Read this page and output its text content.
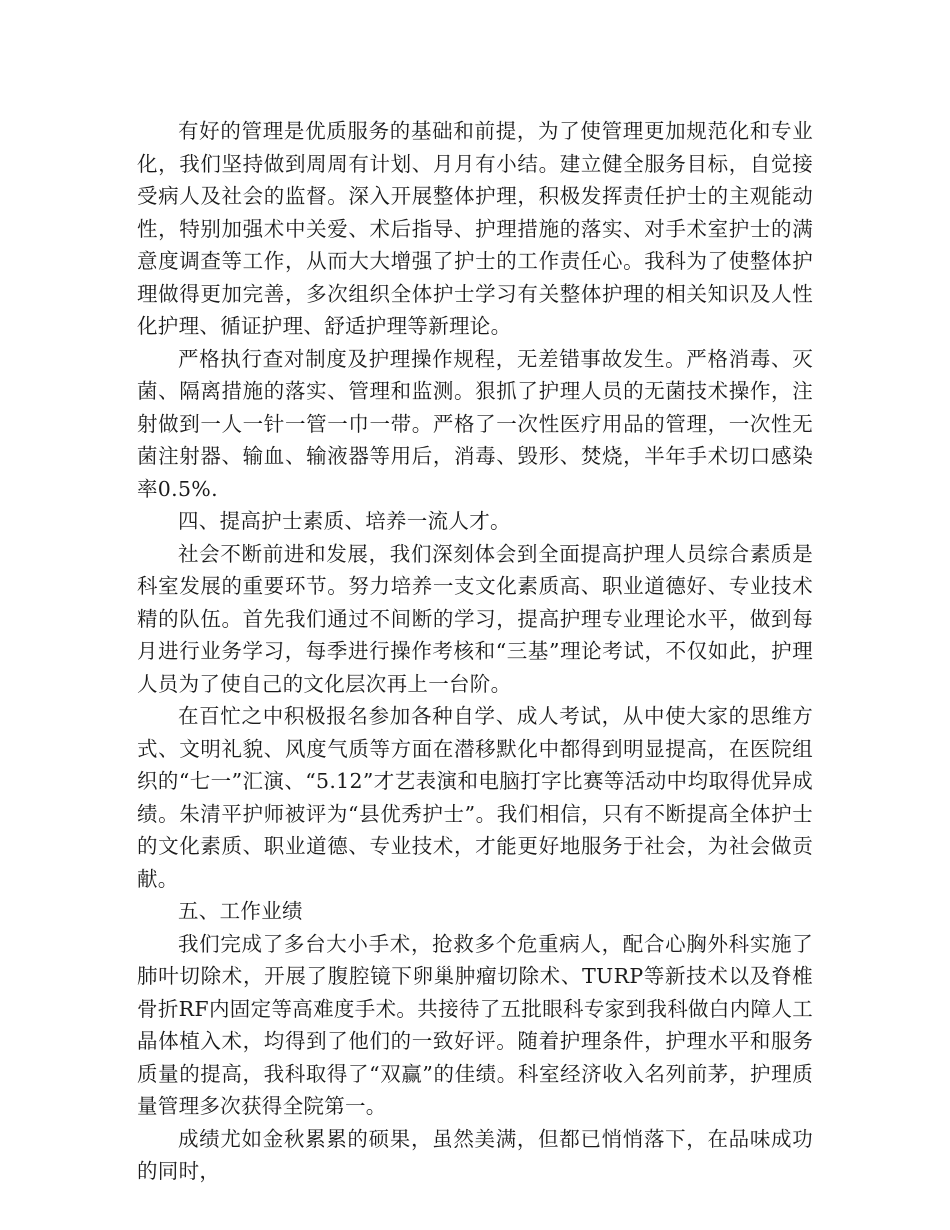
有好的管理是优质服务的基础和前提，为了使管理更加规范化和专业化，我们坚持做到周周有计划、月月有小结。建立健全服务目标，自觉接受病人及社会的监督。深入开展整体护理，积极发挥责任护士的主观能动性，特别加强术中关爱、术后指导、护理措施的落实、对手术室护士的满意度调查等工作，从而大大增强了护士的工作责任心。我科为了使整体护理做得更加完善，多次组织全体护士学习有关整体护理的相关知识及人性化护理、循证护理、舒适护理等新理论。

严格执行查对制度及护理操作规程，无差错事故发生。严格消毒、灭菌、隔离措施的落实、管理和监测。狠抓了护理人员的无菌技术操作，注射做到一人一针一管一巾一带。严格了一次性医疗用品的管理，一次性无菌注射器、输血、输液器等用后，消毒、毁形、焚烧，半年手术切口感染率0.5%.

四、提高护士素质、培养一流人才。

社会不断前进和发展，我们深刻体会到全面提高护理人员综合素质是科室发展的重要环节。努力培养一支文化素质高、职业道德好、专业技术精的队伍。首先我们通过不间断的学习，提高护理专业理论水平，做到每月进行业务学习，每季进行操作考核和“三基”理论考试，不仅如此，护理人员为了使自己的文化层次再上一台阶。

在百忙之中积极报名参加各种自学、成人考试，从中使大家的思维方式、文明礼貌、风度气质等方面在潜移默化中都得到明显提高，在医院组织的“七一”汇演、“5.12”才艺表演和电脑打字比赛等活动中均取得优异成绩。朱清平护师被评为“县优秀护士”。我们相信，只有不断提高全体护士的文化素质、职业道德、专业技术，才能更好地服务于社会，为社会做贡献。

五、工作业绩

我们完成了多台大小手术，抢救多个危重病人，配合心胸外科实施了肺叶切除术，开展了腹腔镜下卵巢肿瘤切除术、TURP等新技术以及脊椎骨折RF内固定等高难度手术。共接待了五批眼科专家到我科做白内障人工晶体植入术，均得到了他们的一致好评。随着护理条件，护理水平和服务质量的提高，我科取得了“双赢”的佳绩。科室经济收入名列前茅，护理质量管理多次获得全院第一。

成绩尤如金秋累累的硕果，虽然美满，但都已悄悄落下，在品味成功的同时，
